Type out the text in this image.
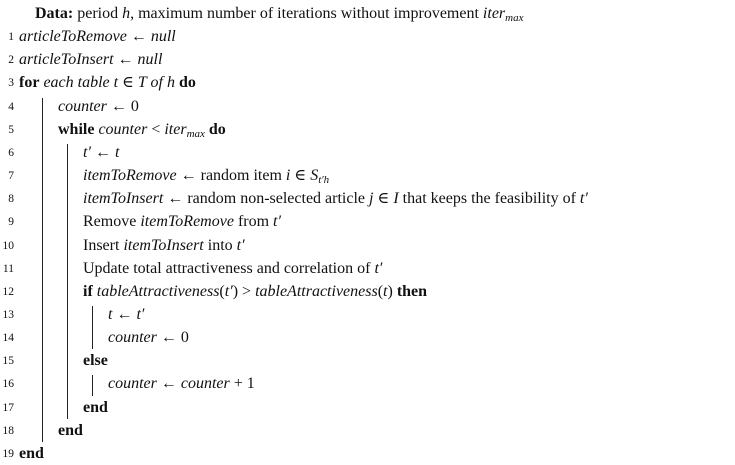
Data: period h, maximum number of iterations without improvement iter$_{max}$
1 articleToRemove ← null
2 articleToInsert ← null
3 for each table t ∈ T of h do
4	counter ← 0
5	while counter < iter$_{max}$ do
6	t′ ← t
7	itemToRemove ← random item i ∈ $S_{t'h}$
8	itemToInsert ← random non-selected article j ∈ I that keeps the feasibility of t′
9	Remove itemToRemove from t′
10	Insert itemToInsert into t′
11	Update total attractiveness and correlation of t′
12	if tableAttractiveness(t′) > tableAttractiveness(t) then
13	t ← t′
14	counter ← 0
15	else
16	counter ← counter + 1
17	end
18	end
19 end
